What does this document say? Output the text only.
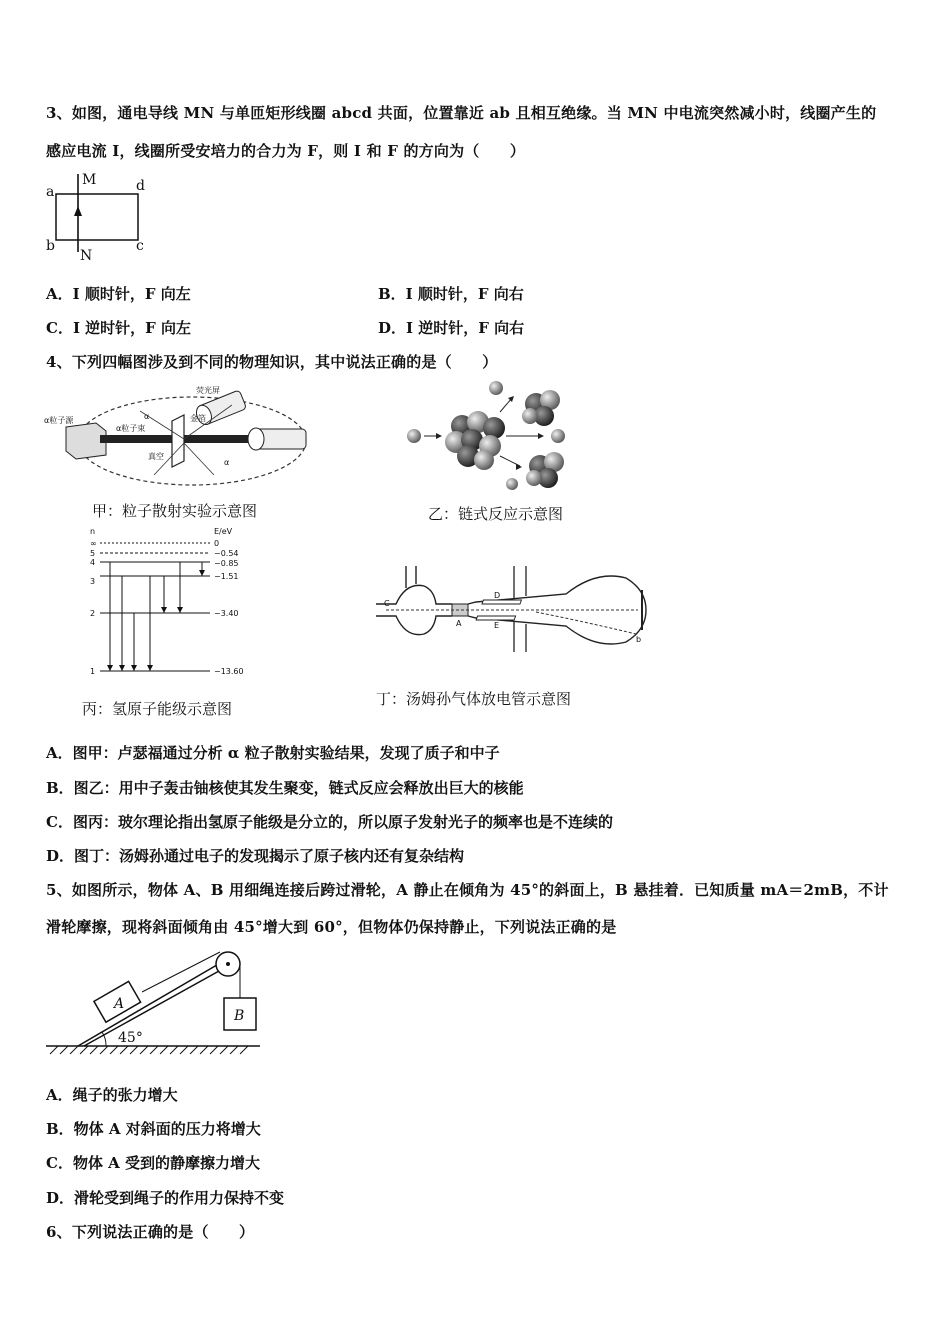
3、如图，通电导线 MN 与单匝矩形线圈 abcd 共面，位置靠近 ab 且相互绝缘。当 MN 中电流突然减小时，线圈产生的
感应电流 I，线圈所受安培力的合力为 F，则 I 和 F 的方向为（　　）
a
b	c
d
M
N
A．I 顺时针，F 向左	B．I 顺时针，F 向右
C．I 逆时针，F 向左	D．I 逆时针，F 向右
4、下列四幅图涉及到不同的物理知识，其中说法正确的是（　　）
α粒子源
α粒子束
金箔
荧光屏
真空
α
α
甲：粒子散射实验示意图	乙：链式反应示意图
n	E/eV
∞
5
4
3
2
1
0
−0.54
−0.85
−1.51
−3.40
−13.60
丙：氢原子能级示意图
C
A
D
E
b
丁：汤姆孙气体放电管示意图
A．图甲：卢瑟福通过分析 α 粒子散射实验结果，发现了质子和中子
B．图乙：用中子轰击铀核使其发生聚变，链式反应会释放出巨大的核能
C．图丙：玻尔理论指出氢原子能级是分立的，所以原子发射光子的频率也是不连续的
D．图丁：汤姆孙通过电子的发现揭示了原子核内还有复杂结构
5、如图所示，物体 A、B 用细绳连接后跨过滑轮，A 静止在倾角为 45°的斜面上，B 悬挂着．已知质量 mA＝2mB，不计
滑轮摩擦，现将斜面倾角由 45°增大到 60°，但物体仍保持静止，下列说法正确的是
A
B
45°
A．绳子的张力增大
B．物体 A 对斜面的压力将增大
C．物体 A 受到的静摩擦力增大
D．滑轮受到绳子的作用力保持不变
6、下列说法正确的是（　　）
